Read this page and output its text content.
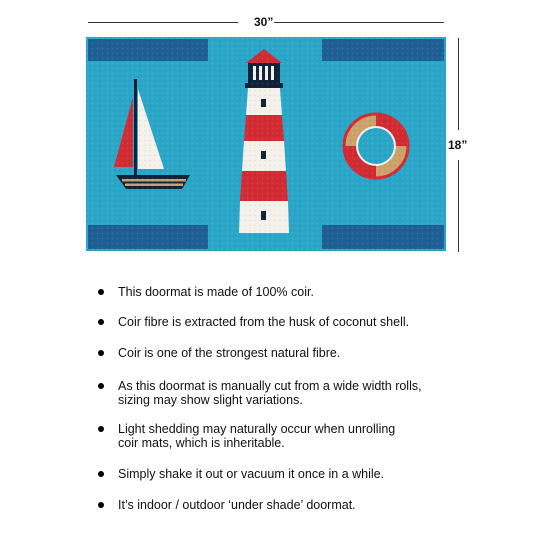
30”
18”
This doormat is made of 100% coir.
Coir fibre is extracted from the husk of coconut shell.
Coir is one of the strongest natural fibre.
As this doormat is manually cut from a wide width rolls,
sizing may show slight variations.
Light shedding may naturally occur when unrolling
coir mats, which is inheritable.
Simply shake it out or vacuum it once in a while.
It’s indoor / outdoor ‘under shade’ doormat.
